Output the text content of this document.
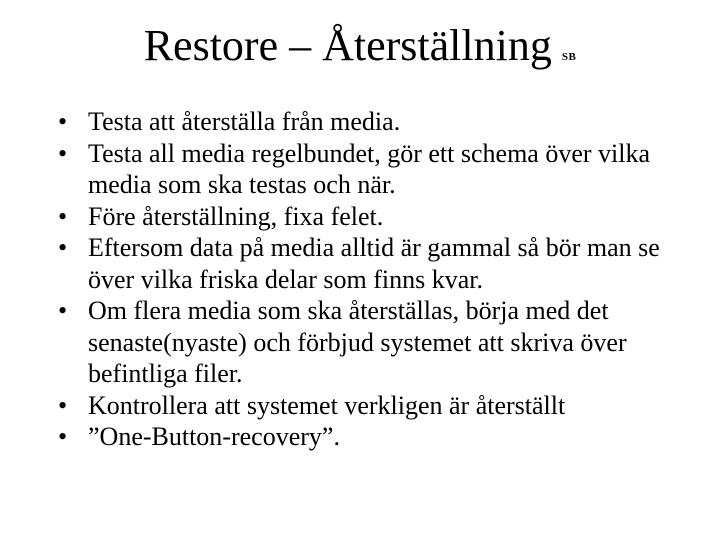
Restore – Återställning SB
• Testa att återställa från media.
• Testa all media regelbundet, gör ett schema över vilka media som ska testas och när.
• Före återställning, fixa felet.
• Eftersom data på media alltid är gammal så bör man se över vilka friska delar som finns kvar.
• Om flera media som ska återställas, börja med det senaste(nyaste) och förbjud systemet att skriva över befintliga filer.
• Kontrollera att systemet verkligen är återställt
• ”One-Button-recovery”.
